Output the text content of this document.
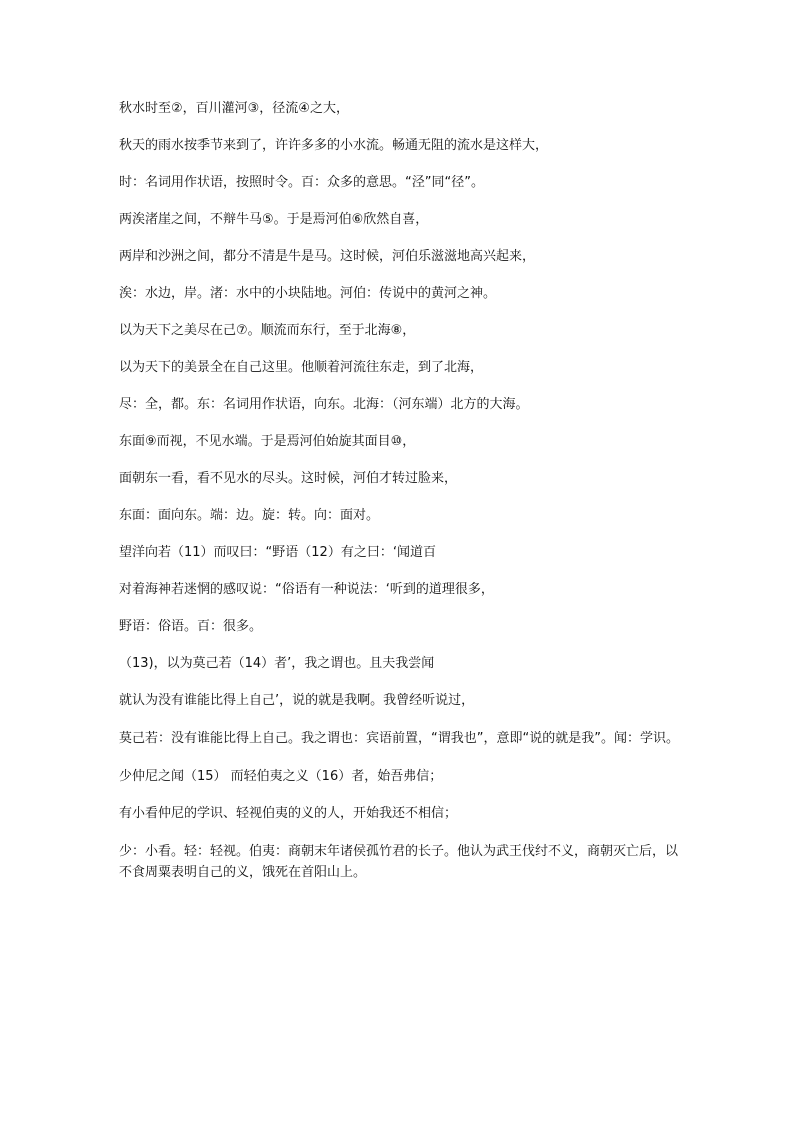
秋水时至②，百川灌河③，径流④之大，

秋天的雨水按季节来到了，许许多多的小水流。畅通无阻的流水是这样大，

时：名词用作状语，按照时令。百：众多的意思。“泾”同“径”。

两涘渚崖之间，不辩牛马⑤。于是焉河伯⑥欣然自喜，

两岸和沙洲之间，都分不清是牛是马。这时候，河伯乐滋滋地高兴起来，

涘：水边，岸。渚：水中的小块陆地。河伯：传说中的黄河之神。

以为天下之美尽在己⑦。顺流而东行，至于北海⑧，

以为天下的美景全在自己这里。他顺着河流往东走，到了北海，

尽：全，都。东：名词用作状语，向东。北海：（河东端）北方的大海。

东面⑨而视，不见水端。于是焉河伯始旋其面目⑩，

面朝东一看，看不见水的尽头。这时候，河伯才转过脸来，

东面：面向东。端：边。旋：转。向：面对。

望洋向若（11）而叹曰：“野语（12）有之曰：‘闻道百

对着海神若迷惘的感叹说：“俗语有一种说法：‘听到的道理很多，

野语：俗语。百：很多。

（13)，以为莫己若（14）者’，我之谓也。且夫我尝闻

就认为没有谁能比得上自己’，说的就是我啊。我曾经听说过，

莫己若：没有谁能比得上自己。我之谓也：宾语前置，“谓我也”，意即“说的就是我”。闻：学识。

少仲尼之闻（15） 而轻伯夷之义（16）者，始吾弗信；

有小看仲尼的学识、轻视伯夷的义的人，开始我还不相信；

少：小看。轻：轻视。伯夷：商朝末年诸侯孤竹君的长子。他认为武王伐纣不义，商朝灭亡后，以不食周粟表明自己的义，饿死在首阳山上。
